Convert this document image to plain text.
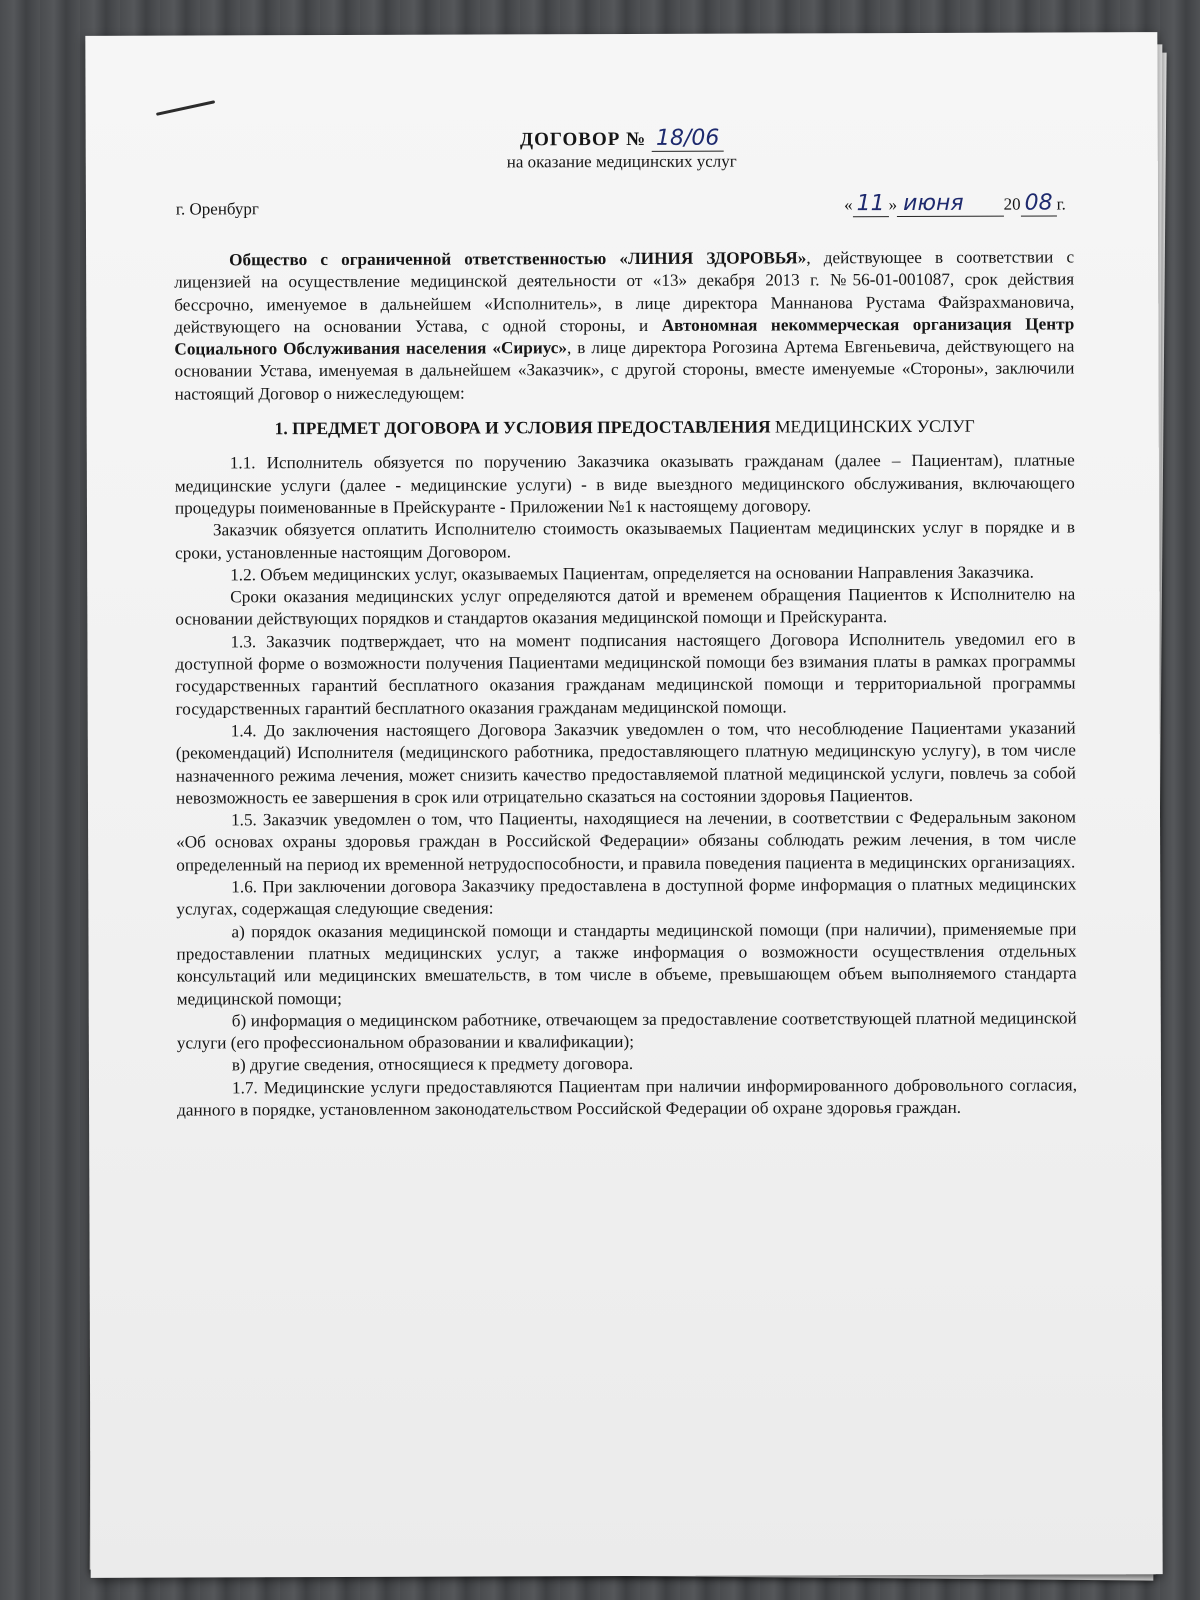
ДОГОВОР № 18/06
на оказание медицинских услуг
г. Оренбург	« 11 » июня 20 08 г.

Общество с ограниченной ответственностью «ЛИНИЯ ЗДОРОВЬЯ», действующее в соответствии с лицензией на осуществление медицинской деятельности от «13» декабря 2013 г. №56-01-001087, срок действия бессрочно, именуемое в дальнейшем «Исполнитель», в лице директора Маннанова Рустама Файзрахмановича, действующего на основании Устава, с одной стороны, и Автономная некоммерческая организация Центр Социального Обслуживания населения «Сириус», в лице директора Рогозина Артема Евгеньевича, действующего на основании Устава, именуемая в дальнейшем «Заказчик», с другой стороны, вместе именуемые «Стороны», заключили настоящий Договор о нижеследующем:

1. ПРЕДМЕТ ДОГОВОРА И УСЛОВИЯ ПРЕДОСТАВЛЕНИЯ МЕДИЦИНСКИХ УСЛУГ

1.1. Исполнитель обязуется по поручению Заказчика оказывать гражданам (далее – Пациентам), платные медицинские услуги (далее - медицинские услуги) - в виде выездного медицинского обслуживания, включающего процедуры поименованные в Прейскуранте - Приложении №1 к настоящему договору.

Заказчик обязуется оплатить Исполнителю стоимость оказываемых Пациентам медицинских услуг в порядке и в сроки, установленные настоящим Договором.

1.2. Объем медицинских услуг, оказываемых Пациентам, определяется на основании Направления Заказчика.

Сроки оказания медицинских услуг определяются датой и временем обращения Пациентов к Исполнителю на основании действующих порядков и стандартов оказания медицинской помощи и Прейскуранта.

1.3. Заказчик подтверждает, что на момент подписания настоящего Договора Исполнитель уведомил его в доступной форме о возможности получения Пациентами медицинской помощи без взимания платы в рамках программы государственных гарантий бесплатного оказания гражданам медицинской помощи и территориальной программы государственных гарантий бесплатного оказания гражданам медицинской помощи.

1.4. До заключения настоящего Договора Заказчик уведомлен о том, что несоблюдение Пациентами указаний (рекомендаций) Исполнителя (медицинского работника, предоставляющего платную медицинскую услугу), в том числе назначенного режима лечения, может снизить качество предоставляемой платной медицинской услуги, повлечь за собой невозможность ее завершения в срок или отрицательно сказаться на состоянии здоровья Пациентов.

1.5. Заказчик уведомлен о том, что Пациенты, находящиеся на лечении, в соответствии с Федеральным законом «Об основах охраны здоровья граждан в Российской Федерации» обязаны соблюдать режим лечения, в том числе определенный на период их временной нетрудоспособности, и правила поведения пациента в медицинских организациях.

1.6. При заключении договора Заказчику предоставлена в доступной форме информация о платных медицинских услугах, содержащая следующие сведения:

а) порядок оказания медицинской помощи и стандарты медицинской помощи (при наличии), применяемые при предоставлении платных медицинских услуг, а также информация о возможности осуществления отдельных консультаций или медицинских вмешательств, в том числе в объеме, превышающем объем выполняемого стандарта медицинской помощи;

б) информация о медицинском работнике, отвечающем за предоставление соответствующей платной медицинской услуги (его профессиональном образовании и квалификации);

в) другие сведения, относящиеся к предмету договора.

1.7. Медицинские услуги предоставляются Пациентам при наличии информированного добровольного согласия, данного в порядке, установленном законодательством Российской Федерации об охране здоровья граждан.
